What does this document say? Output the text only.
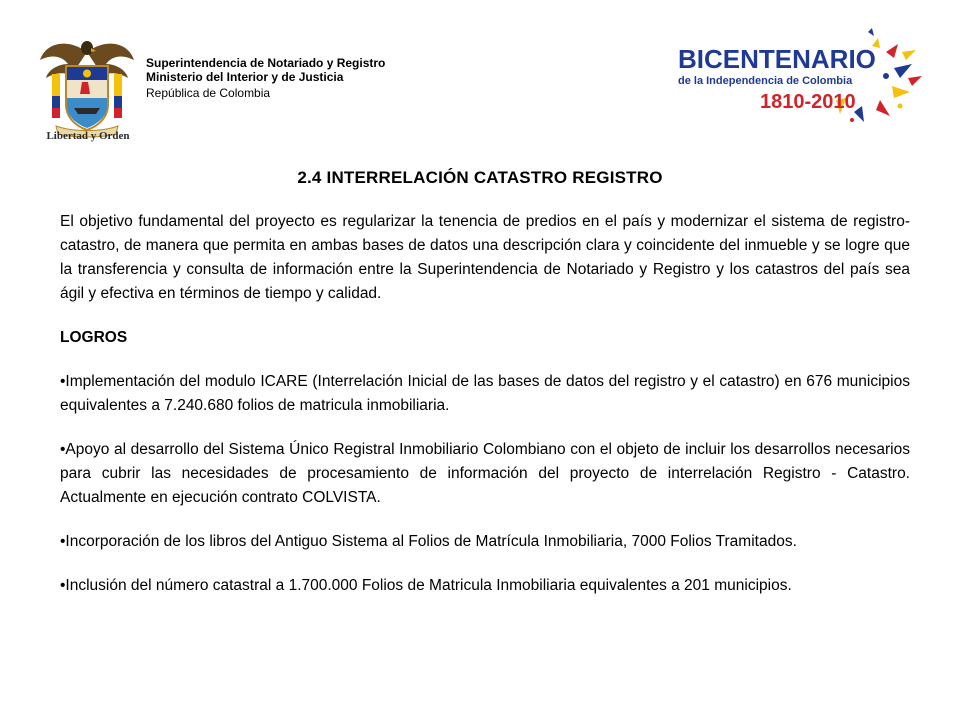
Libertad y Orden
Superintendencia de Notariado y Registro
Ministerio del Interior y de Justicia
República de Colombia
BICENTENARIO
de la Independencia de Colombia
1810-2010
2.4 INTERRELACIÓN CATASTRO REGISTRO

El objetivo fundamental del proyecto es regularizar la tenencia de predios en el país y modernizar el sistema de registro-catastro, de manera que permita en ambas bases de datos una descripción clara y coincidente del inmueble y se logre que la transferencia y consulta de información entre la Superintendencia de Notariado y Registro y los catastros del país sea ágil y efectiva en términos de tiempo y calidad.

LOGROS

•Implementación del modulo ICARE (Interrelación Inicial de las bases de datos del registro y el catastro) en 676 municipios equivalentes a 7.240.680 folios de matricula inmobiliaria.

•Apoyo al desarrollo del Sistema Único Registral Inmobiliario Colombiano con el objeto de incluir los desarrollos necesarios para cubrir las necesidades de procesamiento de información del proyecto de interrelación Registro - Catastro. Actualmente en ejecución contrato COLVISTA.

•Incorporación de los libros del Antiguo Sistema al Folios de Matrícula Inmobiliaria, 7000 Folios Tramitados.

•Inclusión del número catastral a 1.700.000 Folios de Matricula Inmobiliaria equivalentes a 201 municipios.
